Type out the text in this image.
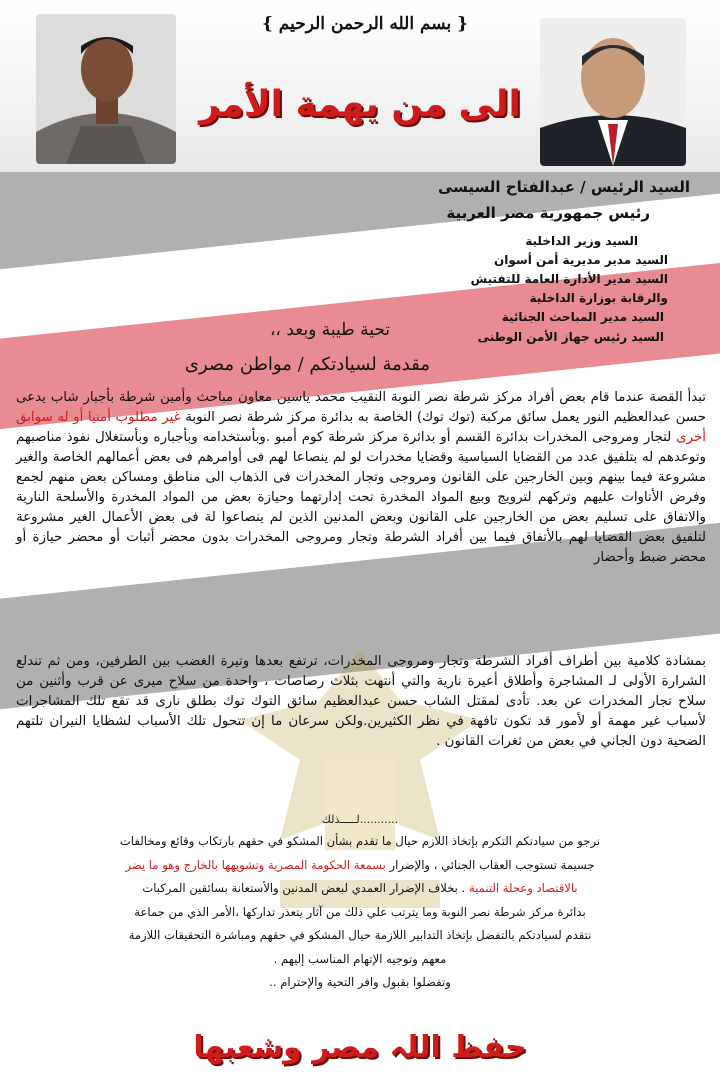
{ بسم الله الرحمن الرحيم }
الى من يهمة الأمر
السيد الرئيس / عبدالفتاح السيسى
رئيس جمهورية مصر العربية
السيد وزير الداخلية
السيد مدير مديرية أمن أسوان
السيد مدير الأدارة العامة للتفتيش
والرقابة بوزارة الداخلية
السيد مدير المباحث الجنائية
السيد رئيس جهاز الأمن الوطنى
تحية طيبة وبعد ،،
مقدمة لسيادتكم / مواطن مصرى
تبدأ القصة عندما قام بعض أفراد مركز شرطة نصر النوبة النقيب محمد ياسين معاون مباحث وأمين شرطة بأجبار شاب يدعى حسن عبدالعظيم النور يعمل سائق مركبة (توك توك) الخاصة به بدائرة مركز شرطة نصر النوبة غير مطلوب أمنيا أو له سوابق أخرى لتجار ومروجى المخدرات بدائرة القسم أو بدائرة مركز شرطة كوم أمبو .وبأستخدامه وبأجباره وبأستغلال نفوذ مناصبهم وتوعدهم له بتلفيق عدد من القضايا السياسية وقضايا مخدرات لو لم ينصاعا لهم فى أوامرهم فى بعض أعمالهم الخاصة والغير مشروعة فيما بينهم وبين الخارجين على القانون ومروجى وتجار المخدرات فى الذهاب الى مناطق ومساكن بعض منهم لجمع وفرض الأتاوات عليهم وتركهم لترويج وبيع المواد المخدرة تحت إدارتهما وحيازة بعض من المواد المخدرة والأسلحة النارية والاتفاق على تسليم بعض من الخارجين على القانون وبعض المدنين الذين لم ينصاعوا لة فى بعض الأعمال الغير مشروعة لتلفيق بعض القضايا لهم بالأتفاق فيما بين أفراد الشرطة وتجار ومروجى المخدرات بدون محضر أثبات أو محضر حيازة أو محضر ضبط وأحضار
بمشادة كلامية بين أطراف أفراد الشرطة وتجار ومروجى المخدرات، ترتفع بعدها وتيرة الغضب بين الطرفين، ومن ثم تندلع الشرارة الأولى لـ المشاجرة وأطلاق أعيرة نارية والتي أنتهت بثلاث رصاصات ، واحدة من سلاح ميرى عن قرب وأثنين من سلاح تجار المخدرات عن بعد. تأدى لمقتل الشاب حسن عبدالعظيم سائق التوك توك بطلق نارى قد تقع تلك المشاجرات لأسباب غير مهمة أو لأمور قد تكون تافهة في نظر الكثيرين.ولكن سرعان ما إن تتحول تلك الأسباب لشظايا النيران تلتهم الضحية دون الجاني في بعض من ثغرات القانون .
...........لـــــذلك
نرجو من سيادتكم التكرم بإتخاذ اللازم حيال ما تقدم بشأن المشكو في حقهم بارتكاب وقائع ومخالفات
جسيمة تستوجب العقاب الجنائي ، والإضرار بسمعة الحكومة المصرية وتشويهها بالخارج وهو ما يضر
بالاقتصاد وعجلة التنمية . بخلاف الإضرار العمدي لبعض المدنين والأستعانة بسائقين المركبات
بدائرة مركز شرطة نصر النوبة وما يترتب علي ذلك من آثار يتعذر تداركها ،الأمر الذي من جماعة
نتقدم لسيادتكم بالتفضل بإتخاذ التدابير اللازمة حيال المشكو في حقهم ومباشرة التحقيقات اللازمة
معهم وتوجيه الإتهام المناسب إليهم .
وتفضلوا بقبول وافر التحية والإحترام ..
حفظ اللہ مصر وشعبها
